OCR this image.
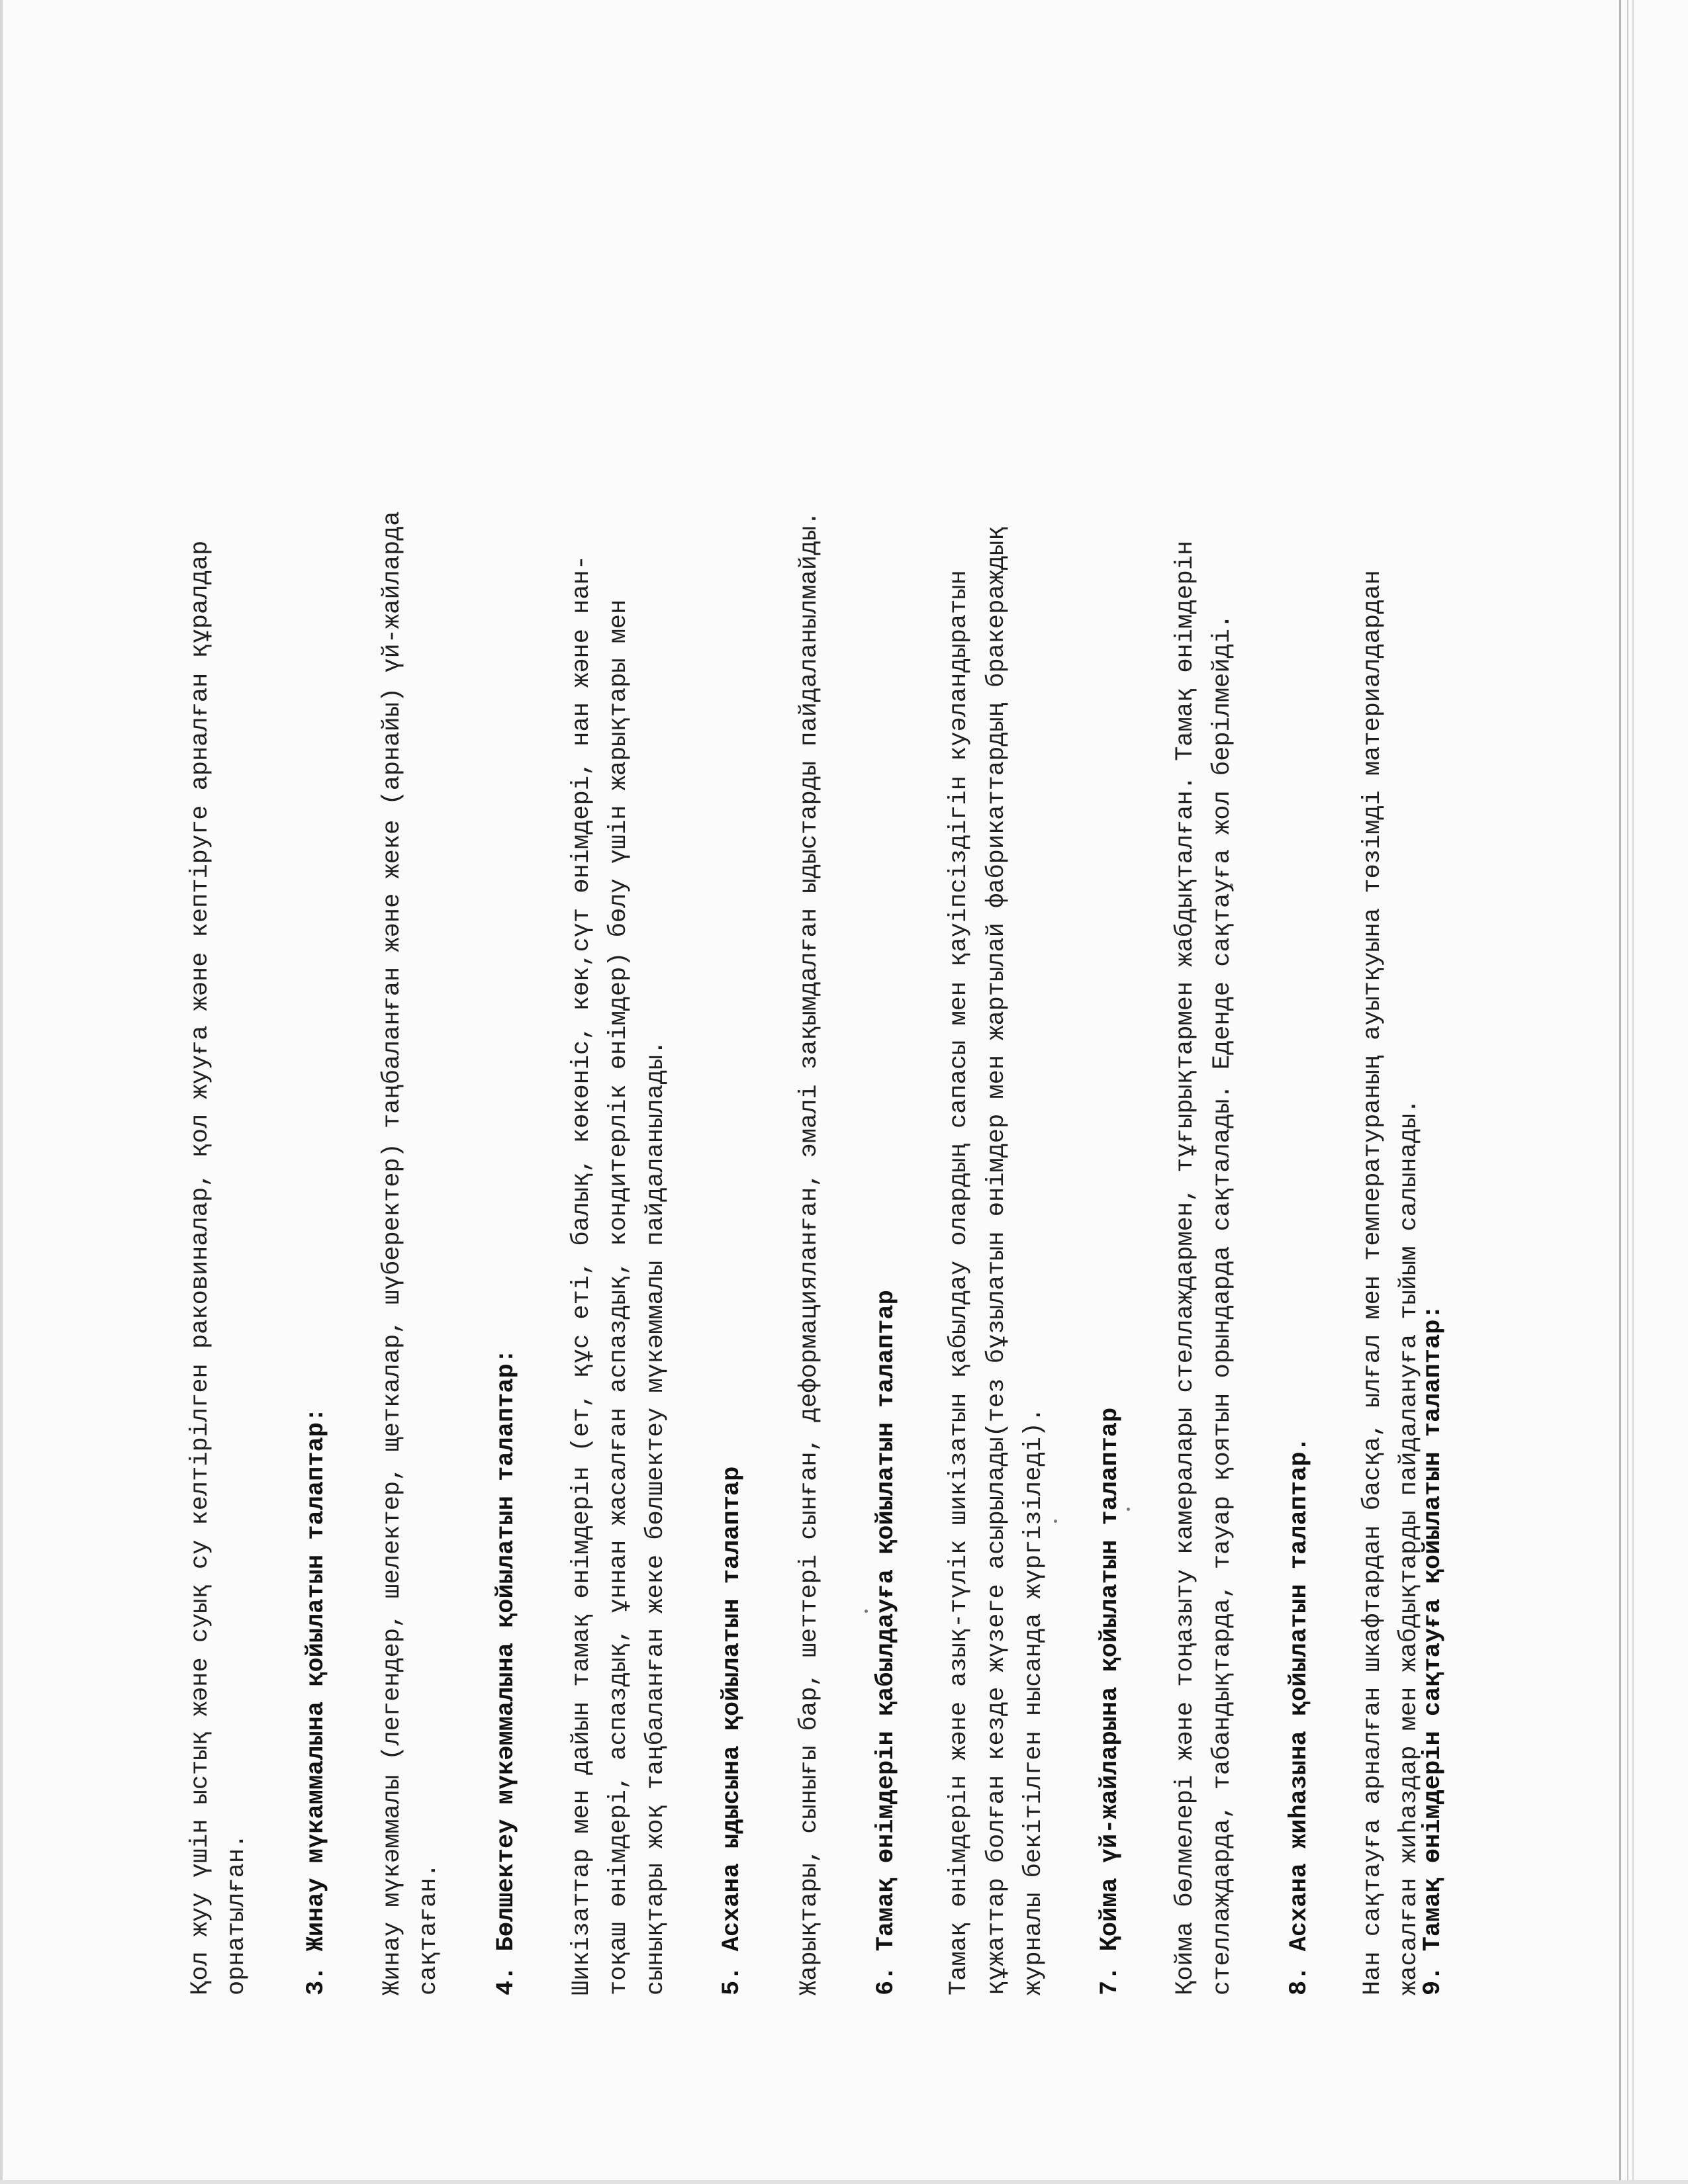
Қол жуу үшін ыстық және суық су келтірілген раковиналар, қол жууға және кептіруге арналған құралдар орнатылған. 3. Жинау мүкаммалына қойылатын талаптар: Жинау мүкәммалы (легендер, шелектер, щеткалар, шүберектер) таңбаланған және жеке (арнайы) үй-жайларда сақтаған. 4. Бөлшектеу мүкәммалына қойылатын талаптар: Шикізаттар мен дайын тамақ өнімдерін (ет, құс еті, балық, көкөніс, көк,сүт өнімдері, нан және нан- тоқаш өнімдері, аспаздық, ұннан жасалған аспаздық, кондитерлік өнімдер) бөлу үшін жарықтары мен сынықтары жоқ таңбаланған жеке бөлшектеу мүкәммалы пайдаланылады. 5. Асхана ыдысына қойылатын талаптар Жарықтары, сынығы бар, шеттері сынған, деформацияланған, эмалі зақымдалған ыдыстарды пайдаланылмайды. 6. Тамақ өнімдерін қабылдауға қойылатын талаптар Тамақ өнімдерін және азық-түлік шикізатын қабылдау олардың сапасы мен қауіпсіздігін куәландыратын құжаттар болған кезде жүзеге асырылады(тез бұзылатын өнімдер мен жартылай фабрикаттардың бракераждық журналы бекітілген нысанда жүргізіледі). 7. Қойма үй-жайларына қойылатын талаптар Қойма бөлмелері және тоңазыту камералары стеллаждармен, тұғырықтармен жабдықталған. Тамақ өнімдерін стеллаждарда, табандықтарда, тауар қоятын орындарда сақталады. Еденде сақтауға жол берілмейді. 8. Асхана жиһазына қойылатын талаптар. Нан сақтауға арналған шкафтардан басқа, ылғал мен температураның ауытқуына төзімді материалдардан жасалған жиһаздар мен жабдықтарды пайдалануға тыйым салынады.
9. Тамақ өнімдерін сақтауға қойылатын талаптар:
